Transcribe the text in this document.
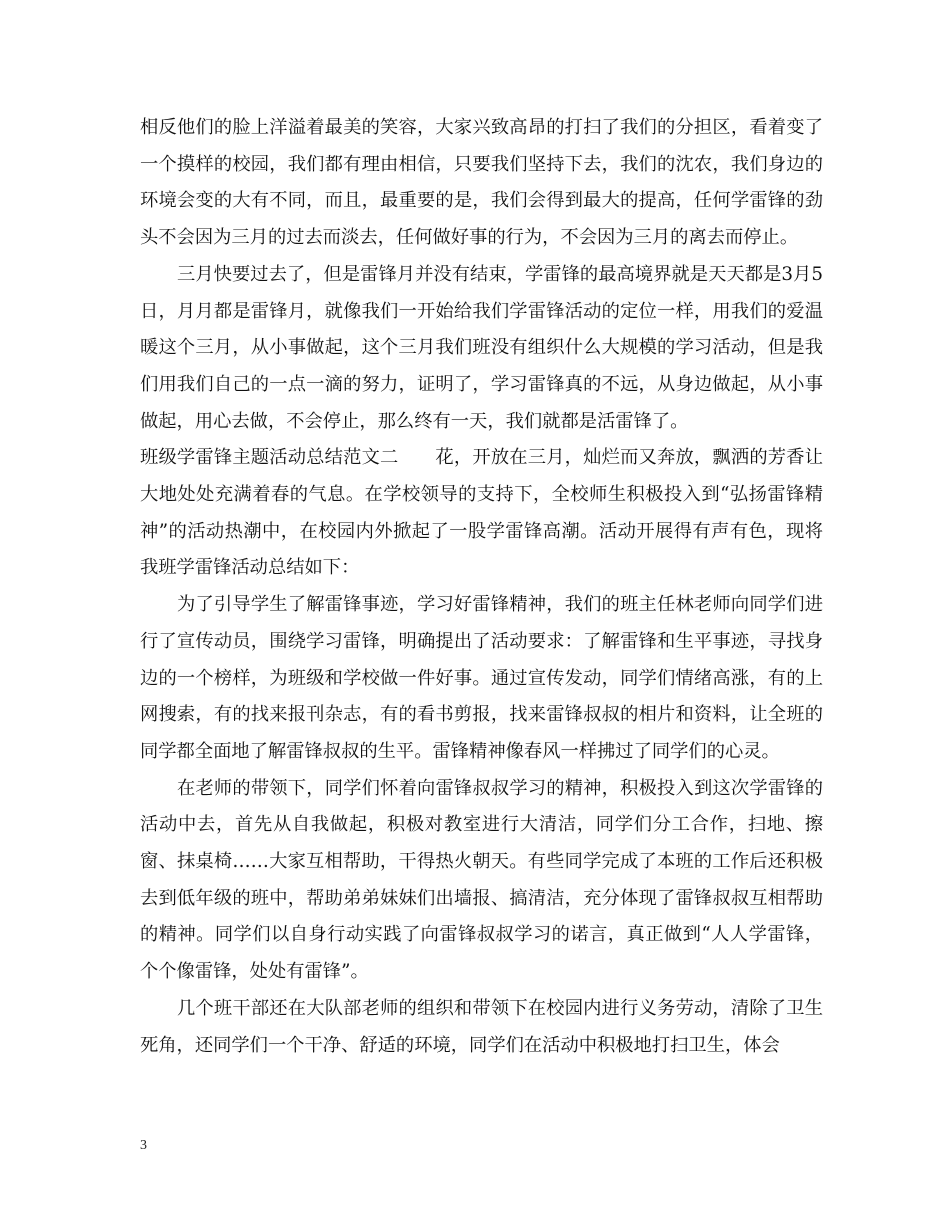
相反他们的脸上洋溢着最美的笑容，大家兴致高昂的打扫了我们的分担区，看着变了一个摸样的校园，我们都有理由相信，只要我们坚持下去，我们的沈农，我们身边的环境会变的大有不同，而且，最重要的是，我们会得到最大的提高，任何学雷锋的劲头不会因为三月的过去而淡去，任何做好事的行为，不会因为三月的离去而停止。

三月快要过去了，但是雷锋月并没有结束，学雷锋的最高境界就是天天都是3月5日，月月都是雷锋月，就像我们一开始给我们学雷锋活动的定位一样，用我们的爱温暖这个三月，从小事做起，这个三月我们班没有组织什么大规模的学习活动，但是我们用我们自己的一点一滴的努力，证明了，学习雷锋真的不远，从身边做起，从小事做起，用心去做，不会停止，那么终有一天，我们就都是活雷锋了。

班级学雷锋主题活动总结范文二　　花，开放在三月，灿烂而又奔放，飘洒的芳香让大地处处充满着春的气息。在学校领导的支持下，全校师生积极投入到“弘扬雷锋精神”的活动热潮中，在校园内外掀起了一股学雷锋高潮。活动开展得有声有色，现将我班学雷锋活动总结如下：

为了引导学生了解雷锋事迹，学习好雷锋精神，我们的班主任林老师向同学们进行了宣传动员，围绕学习雷锋，明确提出了活动要求：了解雷锋和生平事迹，寻找身边的一个榜样，为班级和学校做一件好事。通过宣传发动，同学们情绪高涨，有的上网搜索，有的找来报刊杂志，有的看书剪报，找来雷锋叔叔的相片和资料，让全班的同学都全面地了解雷锋叔叔的生平。雷锋精神像春风一样拂过了同学们的心灵。

在老师的带领下，同学们怀着向雷锋叔叔学习的精神，积极投入到这次学雷锋的活动中去，首先从自我做起，积极对教室进行大清洁，同学们分工合作，扫地、擦窗、抹桌椅……大家互相帮助，干得热火朝天。有些同学完成了本班的工作后还积极去到低年级的班中，帮助弟弟妹妹们出墙报、搞清洁，充分体现了雷锋叔叔互相帮助的精神。同学们以自身行动实践了向雷锋叔叔学习的诺言，真正做到“人人学雷锋，个个像雷锋，处处有雷锋”。

几个班干部还在大队部老师的组织和带领下在校园内进行义务劳动，清除了卫生死角，还同学们一个干净、舒适的环境，同学们在活动中积极地打扫卫生，体会

3
